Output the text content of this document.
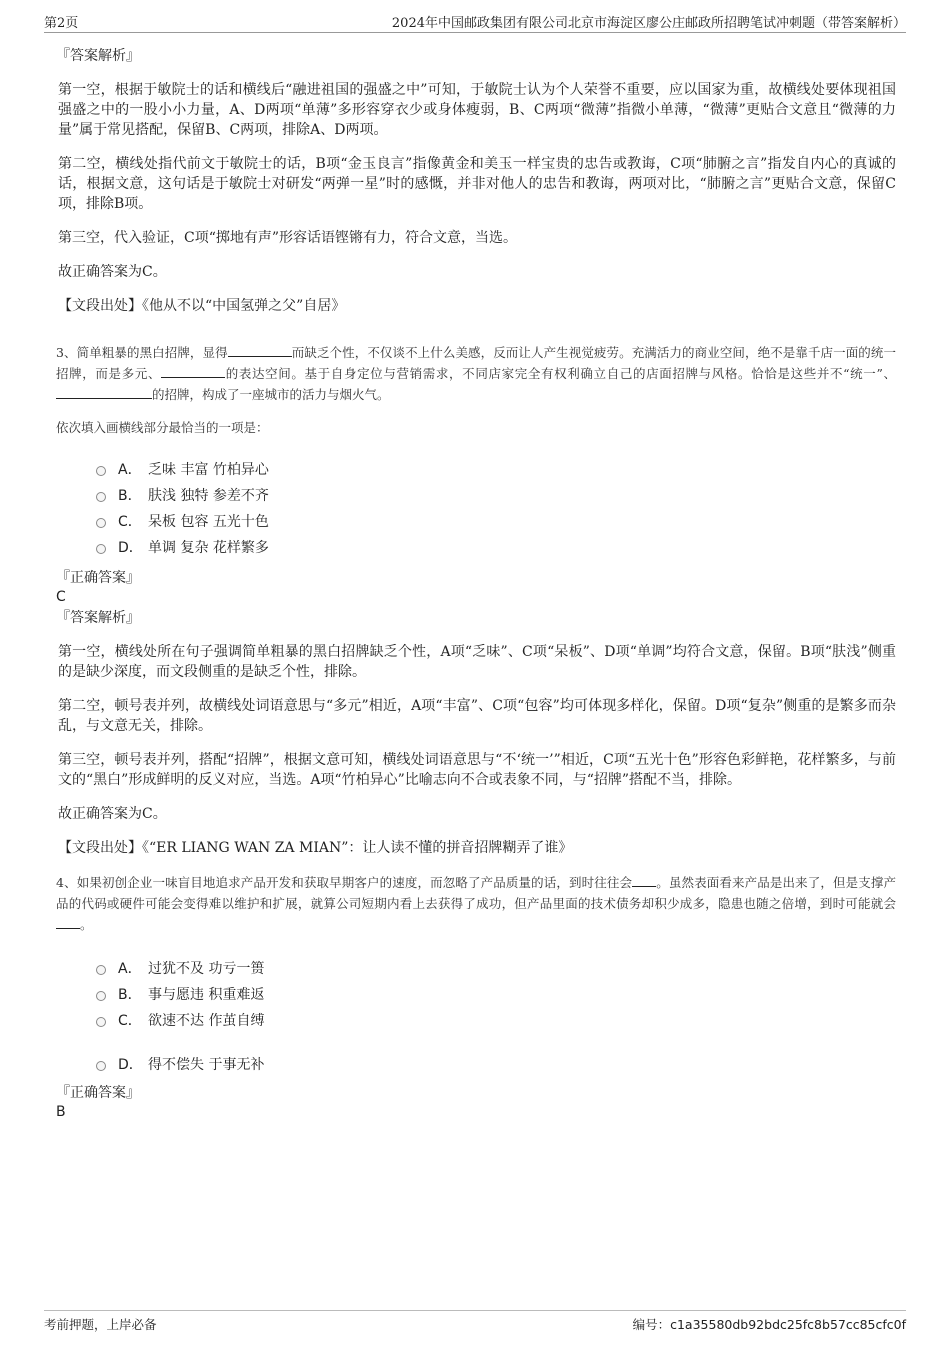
第2页	2024年中国邮政集团有限公司北京市海淀区廖公庄邮政所招聘笔试冲刺题（带答案解析）

『答案解析』

第一空，根据于敏院士的话和横线后“融进祖国的强盛之中”可知，于敏院士认为个人荣誉不重要，应以国家为重，故横线处要体现祖国强盛之中的一股小小力量，A、D两项“单薄”多形容穿衣少或身体瘦弱，B、C两项“微薄”指微小单薄，“微薄”更贴合文意且“微薄的力量”属于常见搭配，保留B、C两项，排除A、D两项。

第二空，横线处指代前文于敏院士的话，B项“金玉良言”指像黄金和美玉一样宝贵的忠告或教诲，C项“肺腑之言”指发自内心的真诚的话，根据文意，这句话是于敏院士对研发“两弹一星”时的感慨，并非对他人的忠告和教诲，两项对比，“肺腑之言”更贴合文意，保留C项，排除B项。

第三空，代入验证，C项“掷地有声”形容话语铿锵有力，符合文意，当选。

故正确答案为C。

【文段出处】《他从不以“中国氢弹之父”自居》

3、简单粗暴的黑白招牌，显得	而缺乏个性，不仅谈不上什么美感，反而让人产生视觉疲劳。充满活力的商业空间，绝不是靠千店一面的统一招牌，而是多元、	的表达空间。基于自身定位与营销需求，不同店家完全有权利确立自己的店面招牌与风格。恰恰是这些并不“统一”、的招牌，构成了一座城市的活力与烟火气。

依次填入画横线部分最恰当的一项是：

A． 乏味 丰富 竹柏异心
B． 肤浅 独特 参差不齐
C． 呆板 包容 五光十色
D． 单调 复杂 花样繁多

『正确答案』

C

『答案解析』

第一空，横线处所在句子强调简单粗暴的黑白招牌缺乏个性，A项“乏味”、C项“呆板”、D项“单调”均符合文意，保留。B项“肤浅”侧重的是缺少深度，而文段侧重的是缺乏个性，排除。

第二空，顿号表并列，故横线处词语意思与“多元”相近，A项“丰富”、C项“包容”均可体现多样化，保留。D项“复杂”侧重的是繁多而杂乱，与文意无关，排除。

第三空，顿号表并列，搭配“招牌”，根据文意可知，横线处词语意思与“不‘统一’”相近，C项“五光十色”形容色彩鲜艳，花样繁多，与前文的“黑白”形成鲜明的反义对应，当选。A项“竹柏异心”比喻志向不合或表象不同，与“招牌”搭配不当，排除。

故正确答案为C。

【文段出处】《“ER LIANG WAN ZA MIAN”：让人读不懂的拼音招牌糊弄了谁》

4、如果初创企业一味盲目地追求产品开发和获取早期客户的速度，而忽略了产品质量的话，到时往往会 。虽然表面看来产品是出来了，但是支撑产品的代码或硬件可能会变得难以维护和扩展，就算公司短期内看上去获得了成功，但产品里面的技术债务却积少成多，隐患也随之倍增，到时可能就会。

A． 过犹不及 功亏一篑
B． 事与愿违 积重难返
C． 欲速不达 作茧自缚
D． 得不偿失 于事无补

『正确答案』

B

考前押题，上岸必备	编号：c1a35580db92bdc25fc8b57cc85cfc0f
